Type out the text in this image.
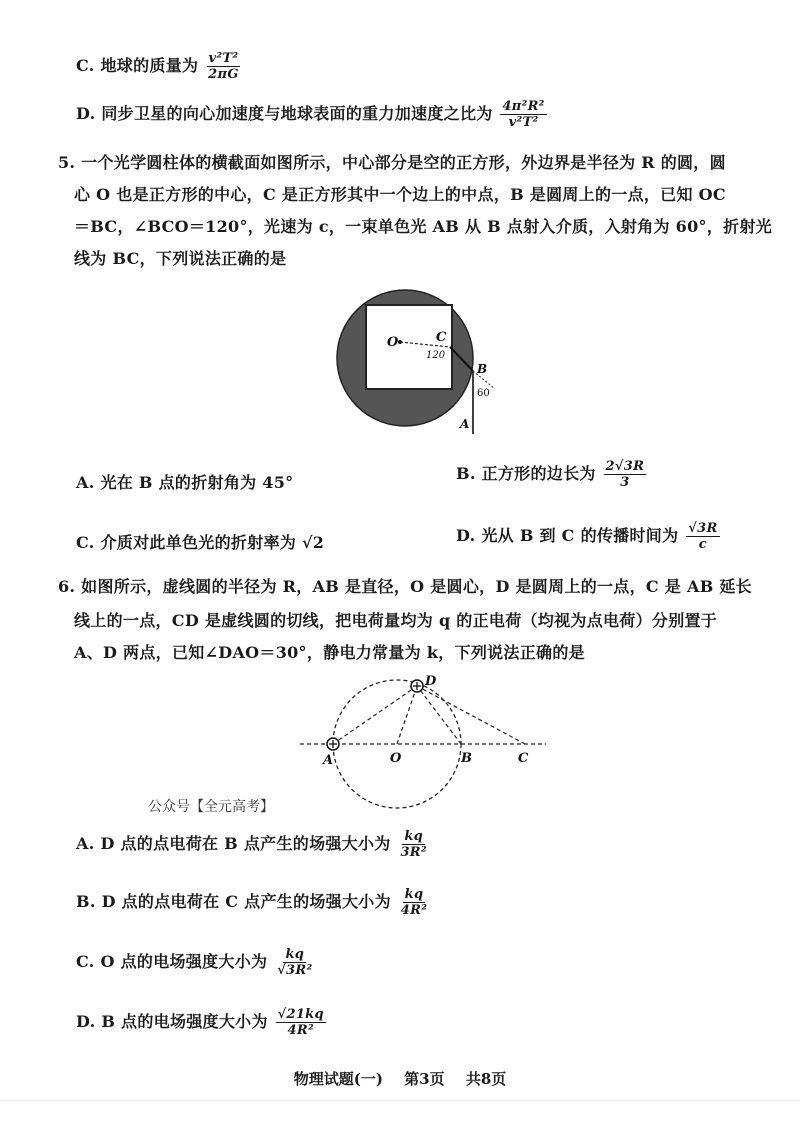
C. 地球的质量为 $\frac{\text{v²T²}}{2\pi G}$
D. 同步卫星的向心加速度与地球表面的重力加速度之比为 $\frac{\text{4π²R²}}{\text{v²T²}}$
5. 一个光学圆柱体的横截面如图所示，中心部分是空的正方形，外边界是半径为 R 的圆，圆
心 O 也是正方形的中心，C 是正方形其中一个边上的中点，B 是圆周上的一点，已知 OC
＝BC，∠BCO＝120°，光速为 c，一束单色光 AB 从 B 点射入介质，入射角为 60°，折射光
线为 BC，下列说法正确的是
O	C
120
B
60
A
A. 光在 B 点的折射角为 45°	B. 正方形的边长为 $\frac{2√3R}{3}$
C. 介质对此单色光的折射率为 √2	D. 光从 B 到 C 的传播时间为 $\frac{√3R}{c}$
6. 如图所示，虚线圆的半径为 R，AB 是直径，O 是圆心，D 是圆周上的一点，C 是 AB 延长
线上的一点，CD 是虚线圆的切线，把电荷量均为 q 的正电荷（均视为点电荷）分别置于
A、D 两点，已知∠DAO＝30°，静电力常量为 k，下列说法正确的是
D
A	O	B	C
公众号【全元高考】
A. D 点的点电荷在 B 点产生的场强大小为 $\frac{kq}{\text{3R²}}$
B. D 点的点电荷在 C 点产生的场强大小为 $\frac{kq}{\text{4R²}}$
C. O 点的电场强度大小为 $\frac{kq}{\text{√3R²}}$
D. B 点的电场强度大小为 $\frac{√21kq}{\text{4R²}}$
物理试题(一) 第3页 共8页
